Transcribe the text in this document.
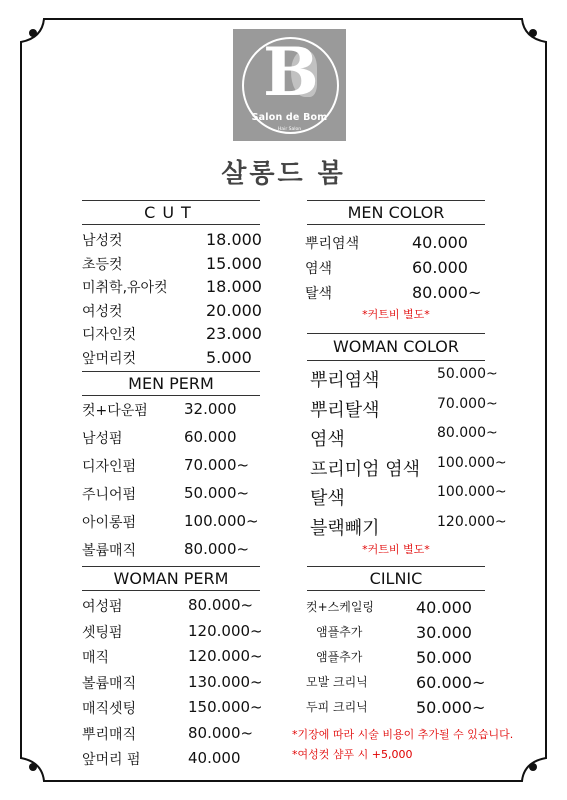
B
Salon de Bom
Hair Salon
살롱드 봄
CUT
남성컷	18.000
초등컷	15.000
미취학,유아컷 18.000
여성컷	20.000
디자인컷	23.000
앞머리컷	5.000
MEN PERM
컷+다운펌 32.000
남성펌	60.000
디자인펌	70.000~
주니어펌	50.000~
아이롱펌	100.000~
볼륨매직	80.000~
WOMAN PERM
여성펌	80.000~
셋팅펌	120.000~
매직	120.000~
볼륨매직	130.000~
매직셋팅	150.000~
뿌리매직	80.000~
앞머리 펌	40.000
MEN COLOR
뿌리염색	40.000
염색	60.000
탈색	80.000~
*커트비 별도*
WOMAN COLOR
뿌리염색	50.000~
뿌리탈색	70.000~
염색	80.000~
프리미엄 염색 100.000~
탈색	100.000~
블랙빼기	120.000~
*커트비 별도*
CILNIC
컷+스케일링	40.000
앰플추가	30.000
앰플추가	50.000
모발 크리닉	60.000~
두피 크리닉	50.000~
*기장에 따라 시술 비용이 추가될 수 있습니다.
*여성컷 샴푸 시 +5,000
